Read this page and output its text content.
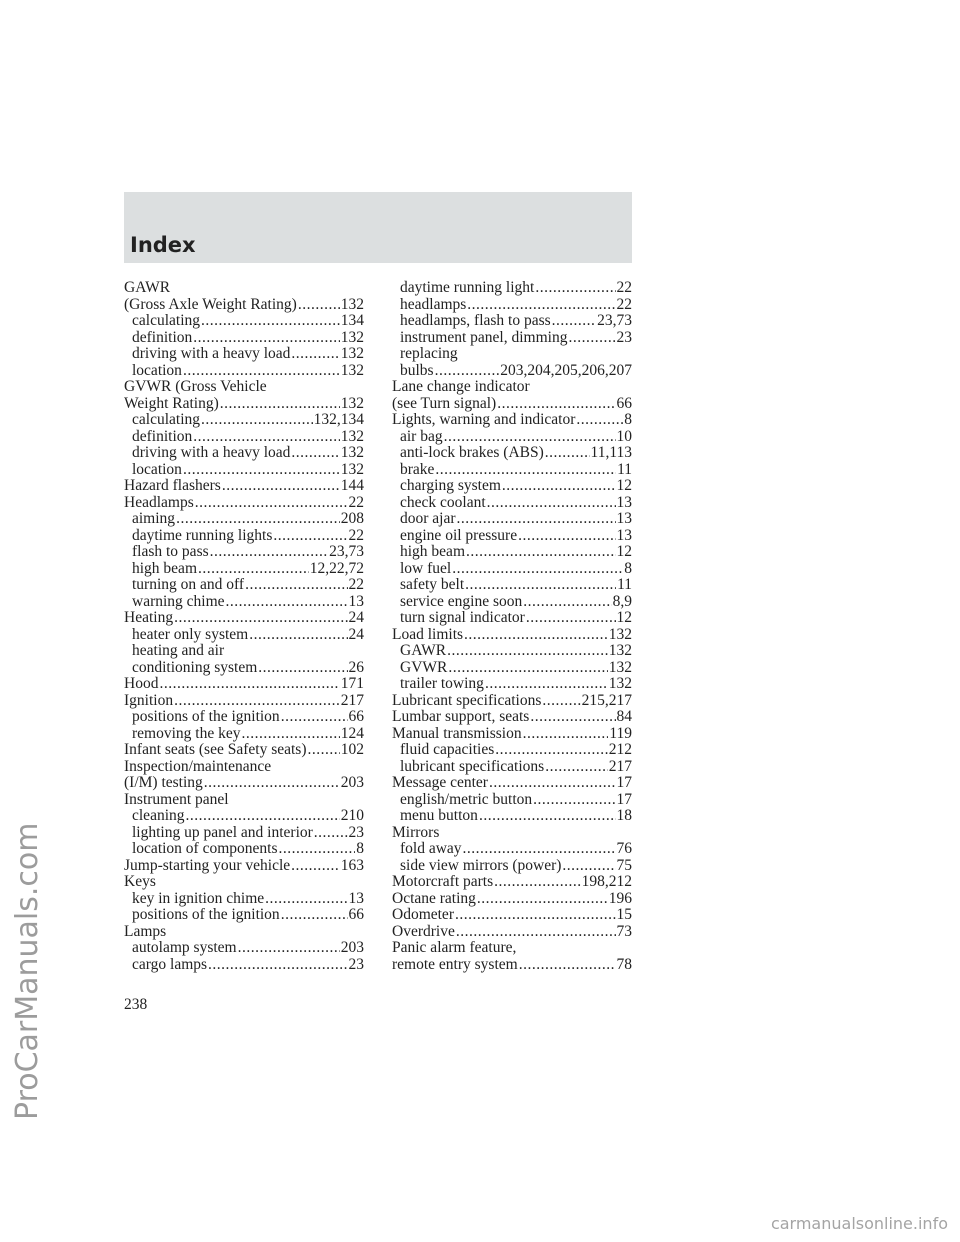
Index
GAWR
(Gross Axle Weight Rating) .....	132
calculating .....	134
definition .....	132
driving with a heavy load .....	132
location .....	132
GVWR (Gross Vehicle
Weight Rating) .....	132
calculating .....	132,134
definition .....	132
driving with a heavy load .....	132
location .....	132
Hazard flashers .....	144
Headlamps .....	22
aiming .....	208
daytime running lights .....	22
flash to pass .....	23,73
high beam .....	12,22,72
turning on and off .....	22
warning chime .....	13
Heating .....	24
heater only system .....	24
heating and air
conditioning system .....	26
Hood .....	171
Ignition .....	217
positions of the ignition .....	66
removing the key .....	124
Infant seats (see Safety seats) ..... 102
Inspection/maintenance
(I/M) testing .....	203
Instrument panel
cleaning .....	210
lighting up panel and interior ..... 23
location of components .....	8
Jump-starting your vehicle .....	163
Keys
key in ignition chime .....	13
positions of the ignition .....	66
Lamps
autolamp system .....	203
cargo lamps .....	23
daytime running light .....	22
headlamps .....	22
headlamps, flash to pass .....	23,73
instrument panel, dimming .....	23
replacing
bulbs .....	203,204,205,206,207
Lane change indicator
(see Turn signal) .....	66
Lights, warning and indicator .....	8
air bag .....	10
anti-lock brakes (ABS) .....	11,113
brake .....	11
charging system .....	12
check coolant .....	13
door ajar .....	13
engine oil pressure .....	13
high beam .....	12
low fuel .....	8
safety belt .....	11
service engine soon .....	8,9
turn signal indicator .....	12
Load limits .....	132
GAWR .....	132
GVWR .....	132
trailer towing .....	132
Lubricant specifications .....	215,217
Lumbar support, seats .....	84
Manual transmission .....	119
fluid capacities .....	212
lubricant specifications .....	217
Message center .....	17
english/metric button .....	17
menu button .....	18
Mirrors
fold away .....	76
side view mirrors (power) .....	75
Motorcraft parts .....	198,212
Octane rating .....	196
Odometer .....	15
Overdrive .....	73
Panic alarm feature,
remote entry system .....	78
238
ProCarManuals.com
carmanualsonline.info
